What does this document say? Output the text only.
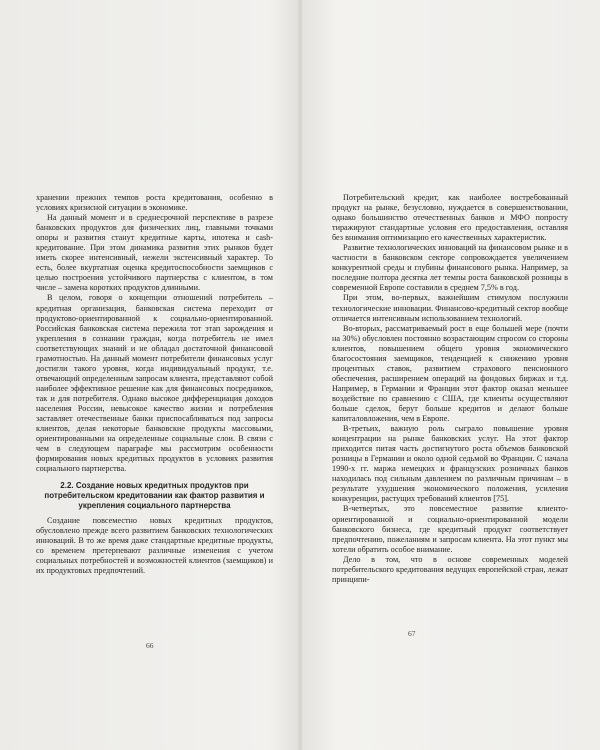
хранении прежних темпов роста кредитования, особенно в условиях кризисной ситуации в экономике.

На данный момент и в среднесрочной перспективе в разрезе банковских продуктов для физических лиц, главными точками опоры и развития станут кредитные карты, ипотека и cash-кредитование. При этом динамика развития этих рынков будет иметь скорее интенсивный, нежели экстенсивный характер. То есть, более вкуртатная оценка кредитоспособности заемщиков с целью построения устойчивого партнерства с клиентом, в том числе – замена коротких продуктов длинными.

В целом, говоря о концепции отношений потребитель – кредитная организация, банковская система переходит от продуктово-ориентированной к социально-ориентированной. Российская банковская система пережила тот этап зарождения и укрепления в сознании граждан, когда потребитель не имел соответствующих знаний и не обладал достаточной финансовой грамотностью. На данный момент потребители финансовых услуг достигли такого уровня, когда индивидуальный продукт, т.е. отвечающий определенным запросам клиента, представляют собой наиболее эффективное решение как для финансовых посредников, так и для потребителя. Однако высокое дифференциация доходов населения России, невысокое качество жизни и потребления заставляет отечественные банки приспосабливаться под запросы клиентов, делая некоторые банковские продукты массовыми, ориентированными на определенные социальные слои. В связи с чем в следующем параграфе мы рассмотрим особенности формирования новых кредитных продуктов в условиях развития социального партнерства.

2.2. Создание новых кредитных продуктов при потребительском кредитовании как фактор развития и укрепления социального партнерства

Создание повсеместно новых кредитных продуктов, обусловлено прежде всего развитием банковских технологических инноваций. В то же время даже стандартные кредитные продукты, со временем претерпевают различные изменения с учетом социальных потребностей и возможностей клиентов (заемщиков) и их продуктовых предпочтений.

66

Потребительский кредит, как наиболее востребованный продукт на рынке, безусловно, нуждается в совершенствовании, однако большинство отечественных банков и МФО попросту тиражируют стандартные условия его предоставления, оставляя без внимания оптимизацию его качественных характеристик.

Развитие технологических инноваций на финансовом рынке и в частности в банковском секторе сопровождается увеличением конкурентной среды и глубины финансового рынка. Например, за последние полтора десятка лет темпы роста банковской розницы в современной Европе составили в среднем 7,5% в год.

При этом, во-первых, важнейшим стимулом послужили технологические инновации. Финансово-кредитный сектор вообще отличается интенсивным использованием технологий.

Во-вторых, рассматриваемый рост в еще большей мере (почти на 30%) обусловлен постоянно возрастающим спросом со стороны клиентов, повышением общего уровня экономического благосостояния заемщиков, тенденцией к снижению уровня процентных ставок, развитием страхового пенсионного обеспечения, расширением операций на фондовых биржах и т.д. Например, в Германии и Франции этот фактор оказал меньшее воздействие по сравнению с США, где клиенты осуществляют больше сделок, берут больше кредитов и делают больше капиталовложения, чем в Европе.

В-третьих, важную роль сыграло повышение уровня концентрации на рынке банковских услуг. На этот фактор приходится питая часть достигнутого роста объемов банковской розницы в Германии и около одной седьмой во Франции. С начала 1990-х гг. маржа немецких и французских розничных банков находилась под сильным давлением по различным причинам – в результате ухудшения экономического положения, усиления конкуренции, растущих требований клиентов [75].

В-четвертых, это повсеместное развитие клиенто-ориентированной и социально-ориентированной модели банковского бизнеса, где кредитный продукт соответствует предпочтению, пожеланиям и запросам клиента. На этот пункт мы хотели обратить особое внимание.

Дело в том, что в основе современных моделей потребительского кредитования ведущих европейской стран, лежат принципи-

67
